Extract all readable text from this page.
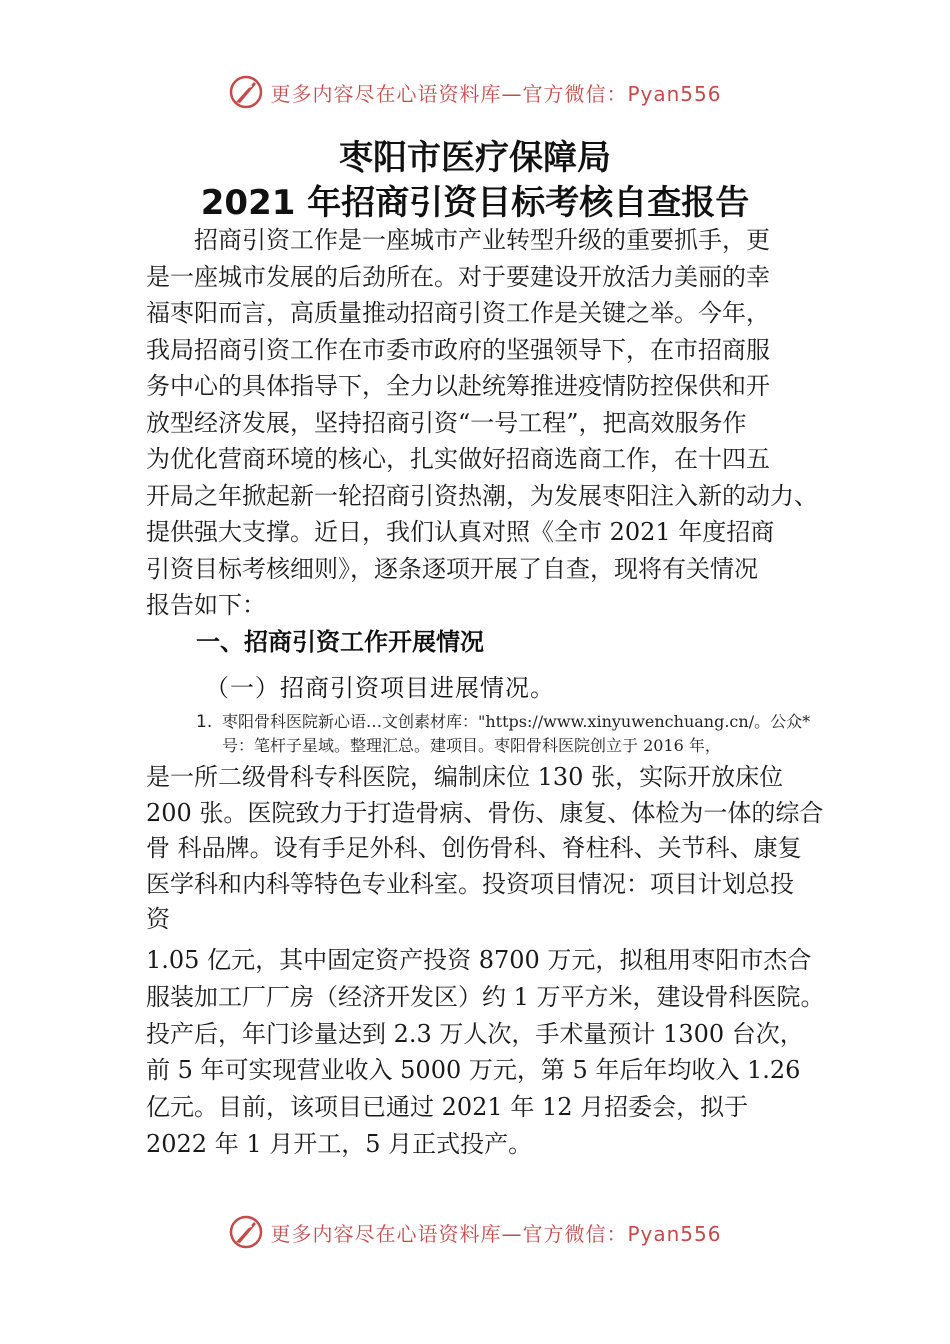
更多内容尽在心语资料库—官方微信：Pyan556
枣阳市医疗保障局
2021 年招商引资目标考核自查报告
　　招商引资工作是一座城市产业转型升级的重要抓手，更
是一座城市发展的后劲所在。对于要建设开放活力美丽的幸
福枣阳而言，高质量推动招商引资工作是关键之举。今年，
我局招商引资工作在市委市政府的坚强领导下，在市招商服
务中心的具体指导下，全力以赴统筹推进疫情防控保供和开
放型经济发展，坚持招商引资“一号工程”，把高效服务作
为优化营商环境的核心，扎实做好招商选商工作，在十四五
开局之年掀起新一轮招商引资热潮，为发展枣阳注入新的动力、
提供强大支撑。近日，我们认真对照《全市 2021 年度招商
引资目标考核细则》，逐条逐项开展了自查，现将有关情况
报告如下：
一、招商引资工作开展情况
（一）招商引资项目进展情况。
1. 枣阳骨科医院新心语…文创素材库："https://www.xinyuwenchuang.cn/。公众*
号：笔杆子星域。整理汇总。建项目。枣阳骨科医院创立于 2016 年，
是一所二级骨科专科医院，编制床位 130 张，实际开放床位
200 张。医院致力于打造骨病、骨伤、康复、体检为一体的综合
骨 科品牌。设有手足外科、创伤骨科、脊柱科、关节科、康复
医学科和内科等特色专业科室。投资项目情况：项目计划总投
资
1.05 亿元，其中固定资产投资 8700 万元，拟租用枣阳市杰合
服装加工厂厂房（经济开发区）约 1 万平方米，建设骨科医院。
投产后，年门诊量达到 2.3 万人次，手术量预计 1300 台次，
前 5 年可实现营业收入 5000 万元，第 5 年后年均收入 1.26
亿元。目前，该项目已通过 2021 年 12 月招委会，拟于
2022 年 1 月开工，5 月正式投产。
更多内容尽在心语资料库—官方微信：Pyan556
